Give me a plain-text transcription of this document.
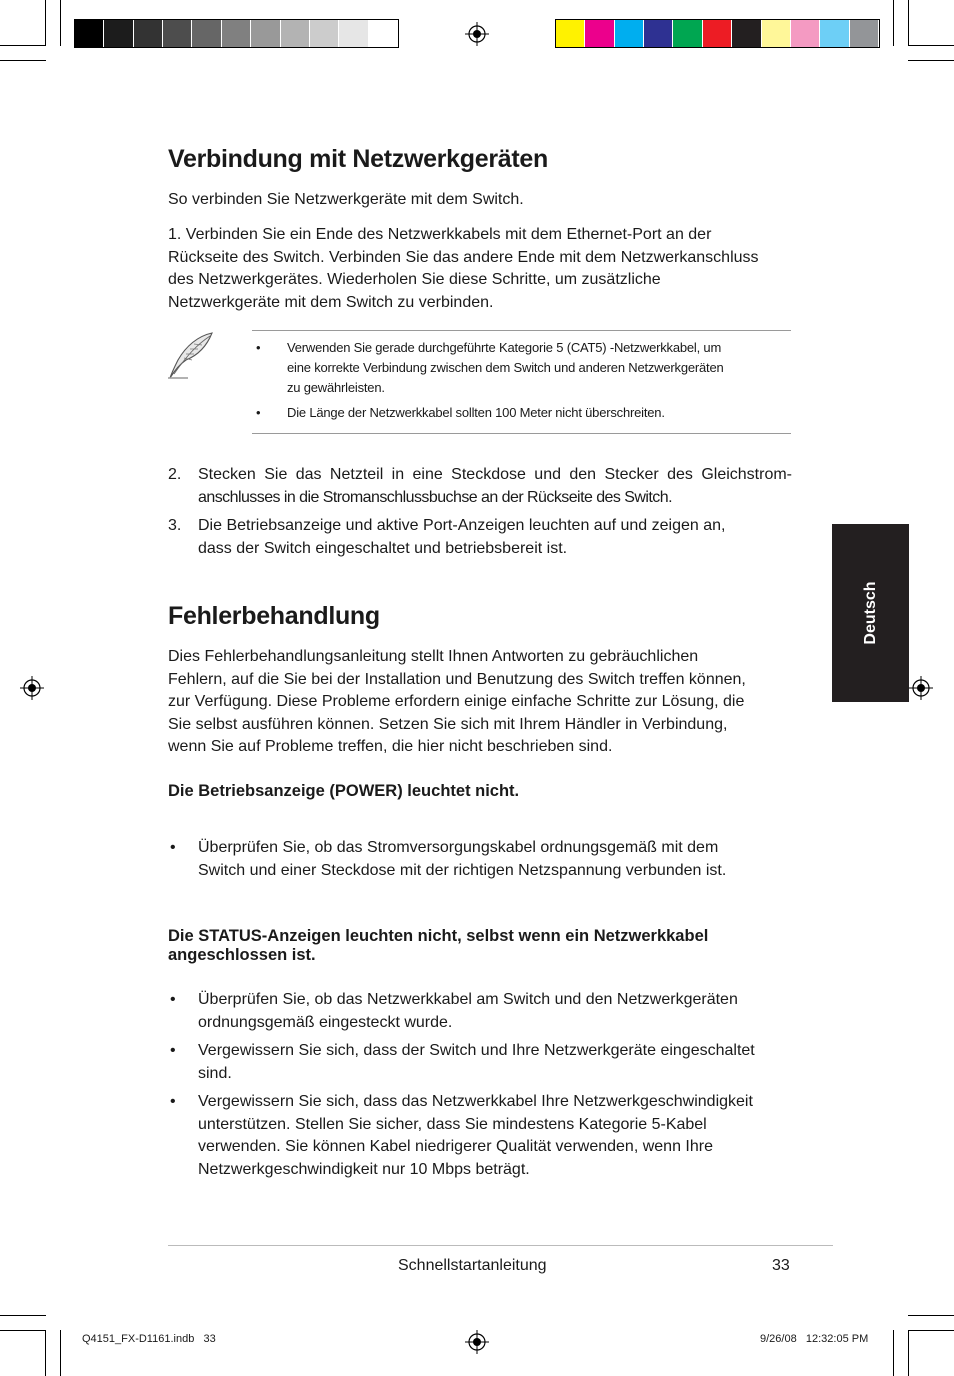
Verbindung mit Netzwerkgeräten

So verbinden Sie Netzwerkgeräte mit dem Switch.

1. Verbinden Sie ein Ende des Netzwerkkabels mit dem Ethernet-Port an der
Rückseite des Switch. Verbinden Sie das andere Ende mit dem Netzwerkanschluss
des Netzwerkgerätes. Wiederholen Sie diese Schritte, um zusätzliche
Netzwerkgeräte mit dem Switch zu verbinden.
• Verwenden Sie gerade durchgeführte Kategorie 5 (CAT5) -Netzwerkkabel, um
eine korrekte Verbindung zwischen dem Switch und anderen Netzwerkgeräten
zu gewährleisten.
• Die Länge der Netzwerkkabel sollten 100 Meter nicht überschreiten.
2. Stecken Sie das Netzteil in eine Steckdose und den Stecker des Gleichstrom-
anschlusses in die Stromanschlussbuchse an der Rückseite des Switch.
3. Die Betriebsanzeige und aktive Port-Anzeigen leuchten auf und zeigen an,
dass der Switch eingeschaltet und betriebsbereit ist.
Fehlerbehandlung
Dies Fehlerbehandlungsanleitung stellt Ihnen Antworten zu gebräuchlichen
Fehlern, auf die Sie bei der Installation und Benutzung des Switch treffen können,
zur Verfügung. Diese Probleme erfordern einige einfache Schritte zur Lösung, die
Sie selbst ausführen können. Setzen Sie sich mit Ihrem Händler in Verbindung,
wenn Sie auf Probleme treffen, die hier nicht beschrieben sind.
Die Betriebsanzeige (POWER) leuchtet nicht.
• Überprüfen Sie, ob das Stromversorgungskabel ordnungsgemäß mit dem
Switch und einer Steckdose mit der richtigen Netzspannung verbunden ist.
Die STATUS-Anzeigen leuchten nicht, selbst wenn ein Netzwerkkabel
angeschlossen ist.
• Überprüfen Sie, ob das Netzwerkkabel am Switch und den Netzwerkgeräten
ordnungsgemäß eingesteckt wurde.
• Vergewissern Sie sich, dass der Switch und Ihre Netzwerkgeräte eingeschaltet
sind.
• Vergewissern Sie sich, dass das Netzwerkkabel Ihre Netzwerkgeschwindigkeit
unterstützen. Stellen Sie sicher, dass Sie mindestens Kategorie 5-Kabel
verwenden. Sie können Kabel niedrigerer Qualität verwenden, wenn Ihre
Netzwerkgeschwindigkeit nur 10 Mbps beträgt.
Deutsch
Schnellstartanleitung	33
Q4151_FX-D1161.indb   33	9/26/08   12:32:05 PM
